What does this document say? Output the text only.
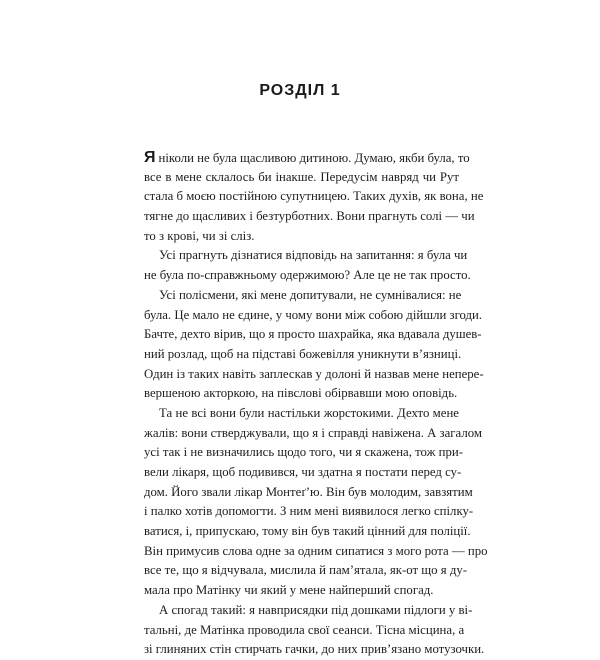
РОЗДІЛ 1
Я ніколи не була щасливою дитиною. Думаю, якби була, то
все в мене склалось би інакше. Передусім навряд чи Рут
стала б моєю постійною супутницею. Таких духів, як вона, не
тягне до щасливих і безтурботних. Вони прагнуть солі — чи
то з крові, чи зі сліз.
Усі прагнуть дізнатися відповідь на запитання: я була чи
не була по-справжньому одержимою? Але це не так просто.
Усі полісмени, які мене допитували, не сумнівалися: не
була. Це мало не єдине, у чому вони між собою дійшли згоди.
Бачте, дехто вірив, що я просто шахрайка, яка вдавала душев-
ний розлад, щоб на підставі божевілля уникнути в’язниці.
Один із таких навіть заплескав у долоні й назвав мене непере-
вершеною акторкою, на півслові обірвавши мою оповідь.
Та не всі вони були настільки жорстокими. Дехто мене
жалів: вони стверджували, що я і справді навіжена. А загалом
усі так і не визначились щодо того, чи я скажена, тож при-
вели лікаря, щоб подивився, чи здатна я постати перед су-
дом. Його звали лікар Монтеґ’ю. Він був молодим, завзятим
і палко хотів допомогти. З ним мені виявилося легко спілку-
ватися, і, припускаю, тому він був такий цінний для поліції.
Він примусив слова одне за одним сипатися з мого рота — про
все те, що я відчувала, мислила й пам’ятала, як-от що я ду-
мала про Матінку чи який у мене найперший спогад.
А спогад такий: я навприсядки під дошками підлоги у ві-
тальні, де Матінка проводила свої сеанси. Тісна місцина, а
зі глиняних стін стирчать гачки, до них прив’язано мотузочки.
